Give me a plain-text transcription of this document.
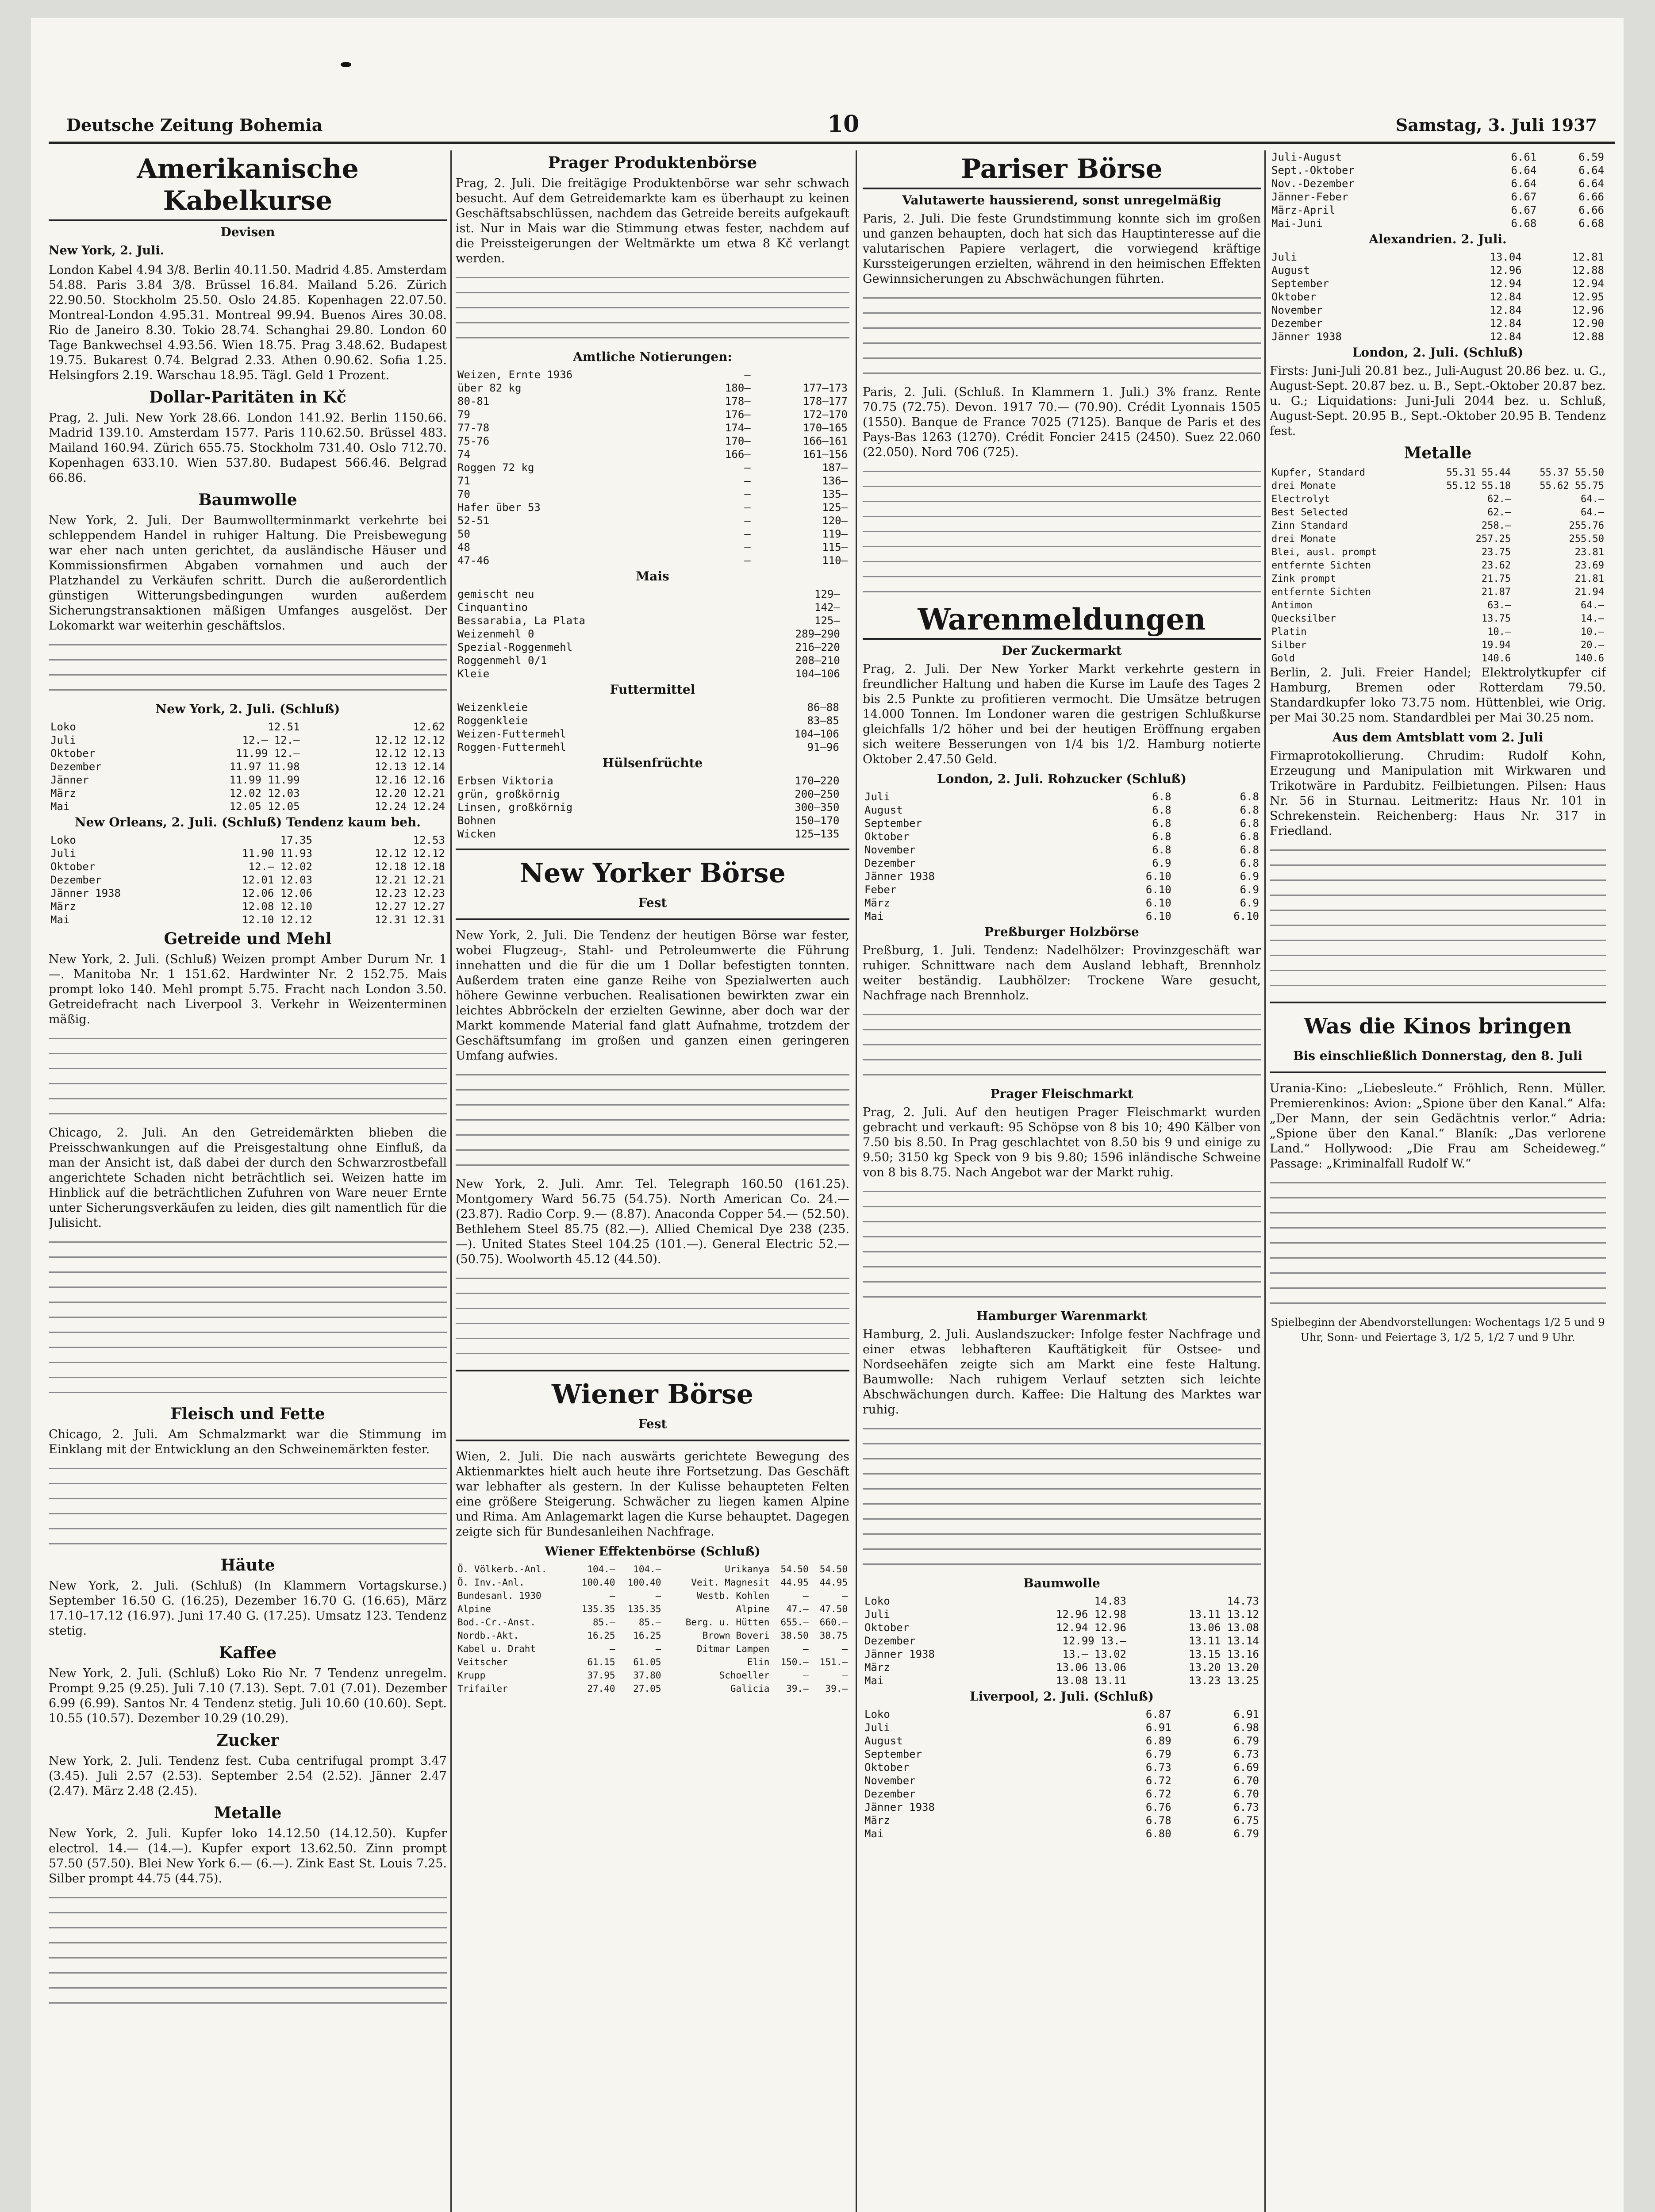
Deutsche Zeitung Bohemia	10	Samstag, 3. Juli 1937
Amerikanische Kabelkurse
Devisen

New York, 2. Juli.

London Kabel 4.94 3/8. Berlin 40.11.50. Madrid 4.85. Amsterdam 54.88. Paris 3.84 3/8. Brüssel 16.84. Mailand 5.26. Zürich 22.90.50. Stockholm 25.50. Oslo 24.85. Kopenhagen 22.07.50. Montreal-London 4.95.31. Montreal 99.94. Buenos Aires 30.08. Rio de Janeiro 8.30. Tokio 28.74. Schanghai 29.80. London 60 Tage Bankwechsel 4.93.56. Wien 18.75. Prag 3.48.62. Budapest 19.75. Bukarest 0.74. Belgrad 2.33. Athen 0.90.62. Sofia 1.25. Helsingfors 2.19. Warschau 18.95. Tägl. Geld 1 Prozent.

Dollar-Paritäten in Kč

Prag, 2. Juli. New York 28.66. London 141.92. Berlin 1150.66. Madrid 139.10. Amsterdam 1577. Paris 110.62.50. Brüssel 483. Mailand 160.94. Zürich 655.75. Stockholm 731.40. Oslo 712.70. Kopenhagen 633.10. Wien 537.80. Budapest 566.46. Belgrad 66.86.

Baumwolle

New York, 2. Juli. Der Baumwollterminmarkt verkehrte bei schleppendem Handel in ruhiger Haltung. Die Preisbewegung war eher nach unten gerichtet, da ausländische Häuser und Kommissionsfirmen Abgaben vornahmen und auch der Platzhandel zu Verkäufen schritt. Durch die außerordentlich günstigen Witterungsbedingungen wurden außerdem Sicherungstransaktionen mäßigen Umfanges ausgelöst. Der Lokomarkt war weiterhin geschäftslos.

New York, 2. Juli. (Schluß)
Loko	12.51	12.62
Juli	12.— 12.—	12.12 12.12
Oktober	11.99 12.—	12.12 12.13
Dezember	11.97 11.98	12.13 12.14
Jänner	11.99 11.99	12.16 12.16
März	12.02 12.03	12.20 12.21
Mai	12.05 12.05	12.24 12.24
New Orleans, 2. Juli. (Schluß) Tendenz kaum beh.
Loko	17.35	12.53
Juli	11.90 11.93	12.12 12.12
Oktober	12.— 12.02	12.18 12.18
Dezember	12.01 12.03	12.21 12.21
Jänner 1938	12.06 12.06	12.23 12.23
März	12.08 12.10	12.27 12.27
Mai	12.10 12.12	12.31 12.31
Getreide und Mehl

New York, 2. Juli. (Schluß) Weizen prompt Amber Durum Nr. 1 —. Manitoba Nr. 1 151.62. Hardwinter Nr. 2 152.75. Mais prompt loko 140. Mehl prompt 5.75. Fracht nach London 3.50. Getreidefracht nach Liverpool 3. Verkehr in Weizenterminen mäßig.

Chicago, 2. Juli. An den Getreidemärkten blieben die Preisschwankungen auf die Preisgestaltung ohne Einfluß, da man der Ansicht ist, daß dabei der durch den Schwarzrostbefall angerichtete Schaden nicht beträchtlich sei. Weizen hatte im Hinblick auf die beträchtlichen Zufuhren von Ware neuer Ernte unter Sicherungsverkäufen zu leiden, dies gilt namentlich für die Julisicht.

Fleisch und Fette

Chicago, 2. Juli. Am Schmalzmarkt war die Stimmung im Einklang mit der Entwicklung an den Schweinemärkten fester.

Häute

New York, 2. Juli. (Schluß) (In Klammern Vortagskurse.) September 16.50 G. (16.25), Dezember 16.70 G. (16.65), März 17.10–17.12 (16.97). Juni 17.40 G. (17.25). Umsatz 123. Tendenz stetig.

Kaffee

New York, 2. Juli. (Schluß) Loko Rio Nr. 7 Tendenz unregelm. Prompt 9.25 (9.25). Juli 7.10 (7.13). Sept. 7.01 (7.01). Dezember 6.99 (6.99). Santos Nr. 4 Tendenz stetig. Juli 10.60 (10.60). Sept. 10.55 (10.57). Dezember 10.29 (10.29).

Zucker

New York, 2. Juli. Tendenz fest. Cuba centrifugal prompt 3.47 (3.45). Juli 2.57 (2.53). September 2.54 (2.52). Jänner 2.47 (2.47). März 2.48 (2.45).

Metalle

New York, 2. Juli. Kupfer loko 14.12.50 (14.12.50). Kupfer electrol. 14.— (14.—). Kupfer export 13.62.50. Zinn prompt 57.50 (57.50). Blei New York 6.— (6.—). Zink East St. Louis 7.25. Silber prompt 44.75 (44.75).

Prager Produktenbörse

Prag, 2. Juli. Die freitägige Produktenbörse war sehr schwach besucht. Auf dem Getreidemarkte kam es überhaupt zu keinen Geschäftsabschlüssen, nachdem das Getreide bereits aufgekauft ist. Nur in Mais war die Stimmung etwas fester, nachdem auf die Preissteigerungen der Weltmärkte um etwa 8 Kč verlangt werden.

Amtliche Notierungen:
Weizen, Ernte 1936	—	
über 82 kg	180—	177—173
80-81	178—	178—177
79	176—	172—170
77-78	174—	170—165
75-76	170—	166—161
74	166—	161—156
Roggen 72 kg	—	187—
71	—	136—
70	—	135—
Hafer über 53	—	125—
52-51	—	120—
50	—	119—
48	—	115—
47-46	—	110—
Mais
gemischt neu	129—	
Cinquantino	142—	
Bessarabia, La Plata	125—	
Weizenmehl 0	289—290	
Spezial-Roggenmehl	216—220	
Roggenmehl 0/1	208—210	
Kleie	104—106	
Futtermittel
Weizenkleie	86—88	
Roggenkleie	83—85	
Weizen-Futtermehl	104—106	
Roggen-Futtermehl	91—96	
Hülsenfrüchte
Erbsen Viktoria	170—220	
grün, großkörnig	200—250	
Linsen, großkörnig	300—350	
Bohnen	150—170	
Wicken	125—135	
New Yorker Börse
Fest

New York, 2. Juli. Die Tendenz der heutigen Börse war fester, wobei Flugzeug-, Stahl- und Petroleumwerte die Führung innehatten und die für die um 1 Dollar befestigten tonnten. Außerdem traten eine ganze Reihe von Spezialwerten auch höhere Gewinne verbuchen. Realisationen bewirkten zwar ein leichtes Abbröckeln der erzielten Gewinne, aber doch war der Markt kommende Material fand glatt Aufnahme, trotzdem der Geschäftsumfang im großen und ganzen einen geringeren Umfang aufwies.

New York, 2. Juli. Amr. Tel. Telegraph 160.50 (161.25). Montgomery Ward 56.75 (54.75). North American Co. 24.— (23.87). Radio Corp. 9.— (8.87). Anaconda Copper 54.— (52.50). Bethlehem Steel 85.75 (82.—). Allied Chemical Dye 238 (235.—). United States Steel 104.25 (101.—). General Electric 52.— (50.75). Woolworth 45.12 (44.50).

Wiener Börse
Fest

Wien, 2. Juli. Die nach auswärts gerichtete Bewegung des Aktienmarktes hielt auch heute ihre Fortsetzung. Das Geschäft war lebhafter als gestern. In der Kulisse behaupteten Felten eine größere Steigerung. Schwächer zu liegen kamen Alpine und Rima. Am Anlagemarkt lagen die Kurse behauptet. Dagegen zeigte sich für Bundesanleihen Nachfrage.

Wiener Effektenbörse (Schluß)
Ö. Völkerb.-Anl.	104.—	104.—	Urikanya	54.50	54.50
Ö. Inv.-Anl.	100.40	100.40	Veit. Magnesit	44.95	44.95
Bundesanl. 1930	—	—	Westb. Kohlen	—	—
Alpine	135.35	135.35	Alpine	47.—	47.50
Bod.-Cr.-Anst.	85.—	85.—	Berg. u. Hütten	655.—	660.—
Nordb.-Akt.	16.25	16.25	Brown Boveri	38.50	38.75
Kabel u. Draht	—	—	Ditmar Lampen	—	—
Veitscher	61.15	61.05	Elin	150.—	151.—
Krupp	37.95	37.80	Schoeller	—	—
Trifailer	27.40	27.05	Galicia	39.—	39.—
Pariser Börse
Valutawerte haussierend, sonst unregelmäßig

Paris, 2. Juli. Die feste Grundstimmung konnte sich im großen und ganzen behaupten, doch hat sich das Hauptinteresse auf die valutarischen Papiere verlagert, die vorwiegend kräftige Kurssteigerungen erzielten, während in den heimischen Effekten Gewinnsicherungen zu Abschwächungen führten.

Paris, 2. Juli. (Schluß. In Klammern 1. Juli.) 3% franz. Rente 70.75 (72.75). Devon. 1917 70.— (70.90). Crédit Lyonnais 1505 (1550). Banque de France 7025 (7125). Banque de Paris et des Pays-Bas 1263 (1270). Crédit Foncier 2415 (2450). Suez 22.060 (22.050). Nord 706 (725).

Warenmeldungen
Der Zuckermarkt

Prag, 2. Juli. Der New Yorker Markt verkehrte gestern in freundlicher Haltung und haben die Kurse im Laufe des Tages 2 bis 2.5 Punkte zu profitieren vermocht. Die Umsätze betrugen 14.000 Tonnen. Im Londoner waren die gestrigen Schlußkurse gleichfalls 1/2 höher und bei der heutigen Eröffnung ergaben sich weitere Besserungen von 1/4 bis 1/2. Hamburg notierte Oktober 2.47.50 Geld.

London, 2. Juli. Rohzucker (Schluß)
Juli	6.8	6.8
August	6.8	6.8
September	6.8	6.8
Oktober	6.8	6.8
November	6.8	6.8
Dezember	6.9	6.8
Jänner 1938	6.10	6.9
Feber	6.10	6.9
März	6.10	6.9
Mai	6.10	6.10
Preßburger Holzbörse

Preßburg, 1. Juli. Tendenz: Nadelhölzer: Provinzgeschäft war ruhiger. Schnittware nach dem Ausland lebhaft, Brennholz weiter beständig. Laubhölzer: Trockene Ware gesucht, Nachfrage nach Brennholz.

Prager Fleischmarkt

Prag, 2. Juli. Auf den heutigen Prager Fleischmarkt wurden gebracht und verkauft: 95 Schöpse von 8 bis 10; 490 Kälber von 7.50 bis 8.50. In Prag geschlachtet von 8.50 bis 9 und einige zu 9.50; 3150 kg Speck von 9 bis 9.80; 1596 inländische Schweine von 8 bis 8.75. Nach Angebot war der Markt ruhig.

Hamburger Warenmarkt

Hamburg, 2. Juli. Auslandszucker: Infolge fester Nachfrage und einer etwas lebhafteren Kauftätigkeit für Ostsee- und Nordseehäfen zeigte sich am Markt eine feste Haltung. Baumwolle: Nach ruhigem Verlauf setzten sich leichte Abschwächungen durch. Kaffee: Die Haltung des Marktes war ruhig.

Baumwolle
Loko	14.83	14.73
Juli	12.96 12.98	13.11 13.12
Oktober	12.94 12.96	13.06 13.08
Dezember	12.99 13.—	13.11 13.14
Jänner 1938	13.— 13.02	13.15 13.16
März	13.06 13.06	13.20 13.20
Mai	13.08 13.11	13.23 13.25
Liverpool, 2. Juli. (Schluß)
Loko	6.87	6.91
Juli	6.91	6.98
August	6.89	6.79
September	6.79	6.73
Oktober	6.73	6.69
November	6.72	6.70
Dezember	6.72	6.70
Jänner 1938	6.76	6.73
März	6.78	6.75
Mai	6.80	6.79
Juli-August	6.61	6.59
Sept.-Oktober	6.64	6.64
Nov.-Dezember	6.64	6.64
Jänner-Feber	6.67	6.66
März-April	6.67	6.66
Mai-Juni	6.68	6.68
Alexandrien. 2. Juli.
Juli	13.04	12.81
August	12.96	12.88
September	12.94	12.94
Oktober	12.84	12.95
November	12.84	12.96
Dezember	12.84	12.90
Jänner 1938	12.84	12.88
London, 2. Juli. (Schluß)

Firsts: Juni-Juli 20.81 bez., Juli-August 20.86 bez. u. G., August-Sept. 20.87 bez. u. B., Sept.-Oktober 20.87 bez. u. G.; Liquidations: Juni-Juli 2044 bez. u. Schluß, August-Sept. 20.95 B., Sept.-Oktober 20.95 B. Tendenz fest.

Metalle
Kupfer, Standard	55.31 55.44	55.37 55.50
drei Monate	55.12 55.18	55.62 55.75
Electrolyt	62.—	64.—
Best Selected	62.—	64.—
Zinn Standard	258.—	255.76
drei Monate	257.25	255.50
Blei, ausl. prompt	23.75	23.81
entfernte Sichten	23.62	23.69
Zink prompt	21.75	21.81
entfernte Sichten	21.87	21.94
Antimon	63.—	64.—
Quecksilber	13.75	14.—
Platin	10.—	10.—
Silber	19.94	20.—
Gold	140.6	140.6

Berlin, 2. Juli. Freier Handel; Elektrolytkupfer cif Hamburg, Bremen oder Rotterdam 79.50. Standardkupfer loko 73.75 nom. Hüttenblei, wie Orig. per Mai 30.25 nom. Standardblei per Mai 30.25 nom.

Aus dem Amtsblatt vom 2. Juli

Firmaprotokollierung. Chrudim: Rudolf Kohn, Erzeugung und Manipulation mit Wirkwaren und Trikotwäre in Pardubitz. Feilbietungen. Pilsen: Haus Nr. 56 in Sturnau. Leitmeritz: Haus Nr. 101 in Schrekenstein. Reichenberg: Haus Nr. 317 in Friedland.

Was die Kinos bringen
Bis einschließlich Donnerstag, den 8. Juli

Urania-Kino: „Liebesleute.“ Fröhlich, Renn. Müller. Premierenkinos: Avion: „Spione über den Kanal.“ Alfa: „Der Mann, der sein Gedächtnis verlor.“ Adria: „Spione über den Kanal.“ Blaník: „Das verlorene Land.“ Hollywood: „Die Frau am Scheideweg.“ Passage: „Kriminalfall Rudolf W.“

Spielbeginn der Abendvorstellungen: Wochentags 1/2 5 und 9 Uhr, Sonn- und Feiertage 3, 1/2 5, 1/2 7 und 9 Uhr.
